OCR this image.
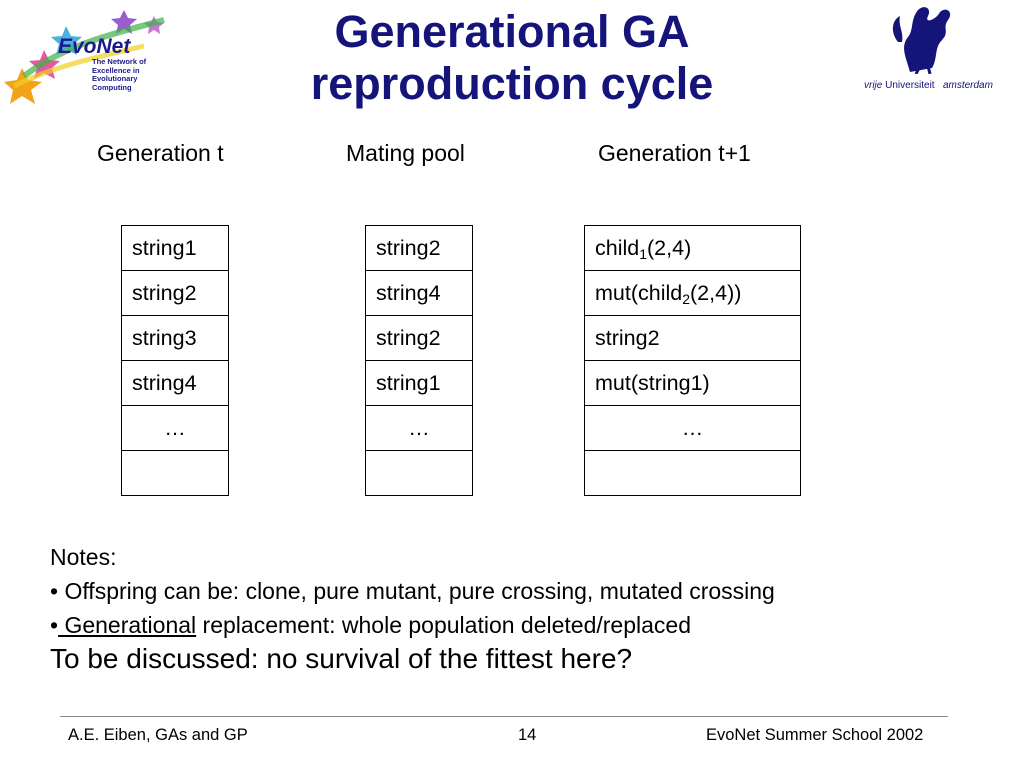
EvoNet
The Network of
Excellence in
Evolutionary
Computing
Generational GA
reproduction cycle	vrije Universiteit amsterdam
Generation t	Mating pool	Generation t+1
string1
string2
string3
string4
…

string2
string4
string2
string1
…

child$_1$(2,4)
mut(child$_2$(2,4))
string2
mut(string1)
…

Notes:
• Offspring can be: clone, pure mutant, pure crossing, mutated crossing
• Generational replacement: whole population deleted/replaced
To be discussed: no survival of the fittest here?
A.E. Eiben, GAs and GP	14	EvoNet Summer School 2002
